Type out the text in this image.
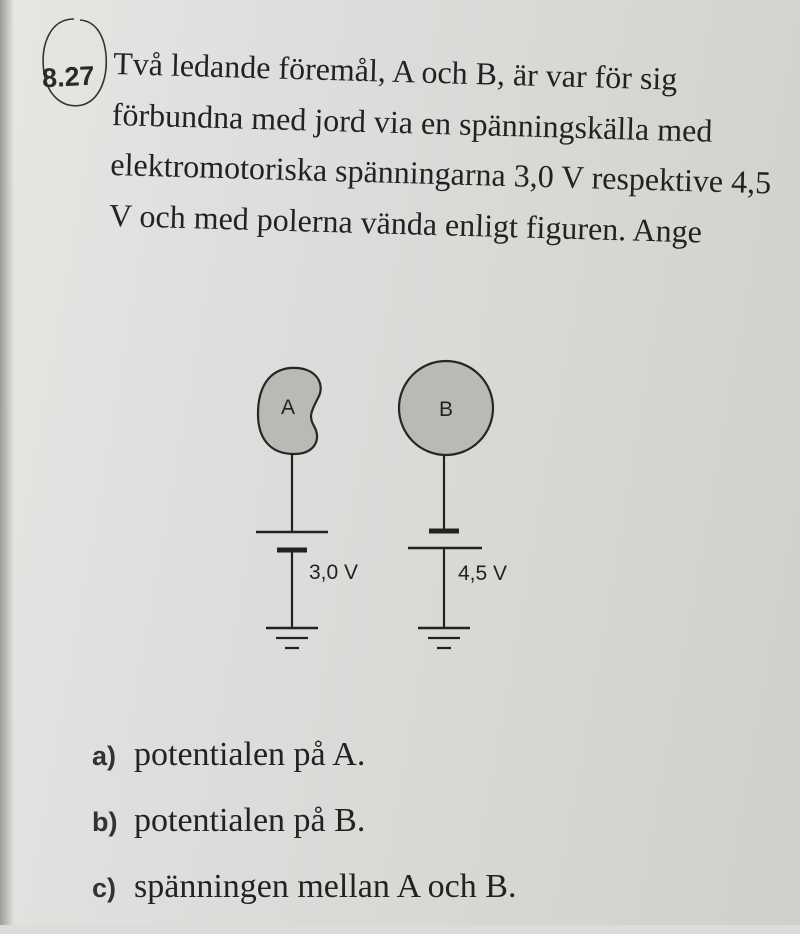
8.27 Två ledande föremål, A och B, är var för sig förbundna med jord via en spänningskälla med elektromotoriska spänningarna 3,0 V respektive 4,5 V och med polerna vända enligt figuren. Ange

A	B
3,0 V	4,5 V
a) potentialen på A.
b) potentialen på B.
c) spänningen mellan A och B.
